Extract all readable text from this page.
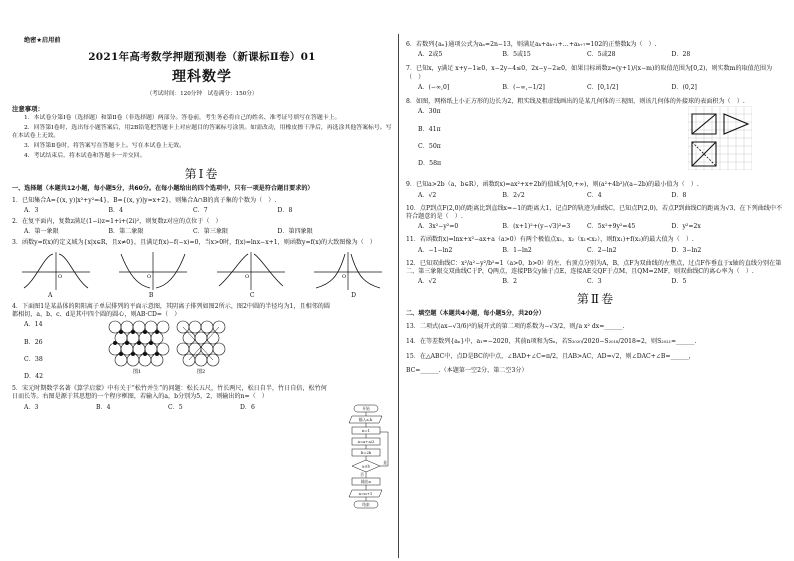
绝密★启用前
2021年高考数学押题预测卷（新课标Ⅱ卷）01
理科数学
（考试时间：120分钟　试卷满分：150分）
注意事项：

1．本试卷分第Ⅰ卷（选择题）和第Ⅱ卷（非选择题）两部分。答卷前，考生务必将自己的姓名、准考证号填写在答题卡上。

2．回答第Ⅰ卷时，选出每小题答案后，用2B铅笔把答题卡上对应题目的答案标号涂黑。如需改动，用橡皮擦干净后，再选涂其他答案标号。写在本试卷上无效。

3．回答第Ⅱ卷时，将答案写在答题卡上。写在本试卷上无效。

4．考试结束后，将本试卷和答题卡一并交回。

第Ⅰ卷
一、选择题（本题共12小题，每小题5分，共60分。在每小题给出的四个选项中，只有一项是符合题目要求的）
1．已知集合A={(x, y)|x²+y²=4}，B={(x, y)|y=x+2}，则集合A∩B的真子集的个数为（　）.
A．3	B．4	C．7	D．8
2．在复平面内，复数z满足(1−i)z=1+i+(2i)²，则复数z对应的点位于（　）
A．第一象限	B．第二象限	C．第三象限	D．第四象限
3．函数y=f(x)的定义域为{x|x∈R，且x≠0}，且满足f(x)−f(−x)=0，当x>0时，f(x)=lnx−x+1，则函数y=f(x)的大致图像为（　）
O	O	O	O
A	B	C	D
4．下面图1是某晶体的阴阳离子单层排列的平面示意图，其阴离子排列如图2所示，图2中圆的半径均为1，且相邻的圆都相切，a、b、c、d是其中四个圆的圆心，则AB·CD=（　）
A．14
B．26
C．38
D．42
图1	图2
5．宋元时期数学名著《算学启蒙》中有关于“松竹并生”的问题：松长五尺，竹长两尺，松日自半，竹日自倍，松竹何日而长等。右图是源于其思想的一个程序框图，若输入的a，b分别为5，2，则输出的n=（　）
A．3	B．4	C．5	D．6	开始
输入a,b
n=1
a=a+a/2
b=2b
a≤b
是
否
输出n
n=n+1
结束
6．若数列{aₙ}通项公式为aₙ=2n−13，则满足aₖ+aₖ₊₁+…+aₖ₊₇=102的正整数k为（　）.
A．2或5	B．5或15	C．5或28	D．28
7．已知x，y满足 x+y−1≥0，x−2y−4≤0，2x−y−2≥0，如果目标函数z=(y+1)/(x−m)的取值范围为[0,2)，则实数m的取值范围为（　）
A．(−∞,0]	B．(−∞,−1/2]	C．[0,1/2]	D．(0,2]
8．如图，网格纸上小正方形的边长为2，粗实线及粗虚线画出的是某几何体的三视图，则该几何体的外接球的表面积为（　）.
A．30π
B．41π
C．50π
D．58π
9．已知a>2b（a，b∈R），函数f(x)=ax²+x+2b的值域为[0,+∞)，则(a²+4b²)/(a−2b)的最小值为（　）.
A．√2	B．2√2	C．4	D．8
10．点P到点F(2,0)的距离比到直线x=−1的距离大1，记点P的轨迹为曲线C，已知点P(2,0)，若点P到曲线C的距离为√3，在下列曲线中不符合题意的是（　）.
A．3x²−y²=0	B．(x+1)²+(y−√3)²=3	C．5x²+9y²=45	D．y²=2x
11．若函数f(x)=lnx+x²−ax+a（a>0）有两个极值点x₁，x₂（x₁<x₂），则f(x₁)+f(x₂)的最大值为（　）.
A．−1−ln2	B．1−ln2	C．2−ln2	D．3−ln2
12．已知双曲线C：x²/a²−y²/b²=1（a>0，b>0）的左、右顶点分别为A，B，点F为双曲线的左焦点，过点F作垂直于x轴的直线分别在第二、第三象限交双曲线C于P、Q两点，连接PB交y轴于点E，连接AE交QF于点M，且QM=2MF，则双曲线C的离心率为（　）.
A．√2	B．2	C．3	D．5
第Ⅱ卷
二、填空题（本题共4小题，每小题5分，共20分）
13．二项式(ax−√3/6)³的展开式的第二项的系数为−√3/2，则∫a x² dx=______.
14．在等差数列{aₙ}中，a₁=−2020，其前n项和为Sₙ，若S₂₀₂₀/2020−S₂₀₁₈/2018=2，则S₂₀₂₁=______.
15．在△ABC中，点D是BC的中点，∠BAD+∠C=π/2，且AB>AC，AD=√2，则∠DAC+∠B=______，
BC=______.（本题第一空2分，第二空3分）
